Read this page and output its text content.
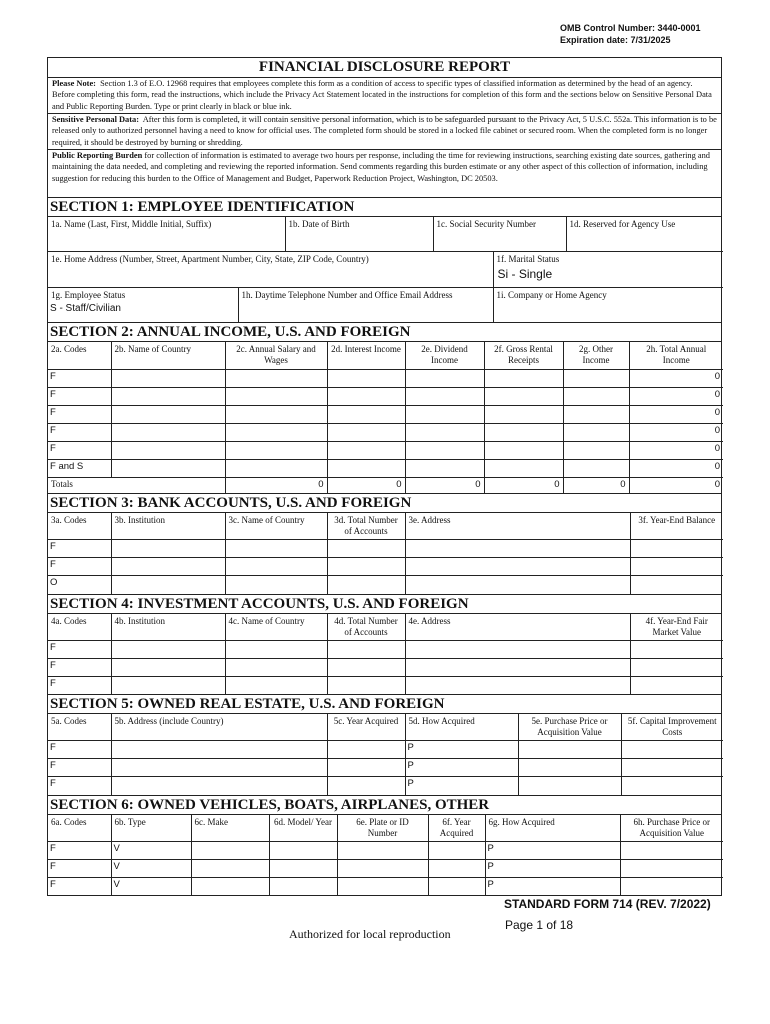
OMB Control Number: 3440-0001
Expiration date: 7/31/2025
FINANCIAL DISCLOSURE REPORT
Please Note: Section 1.3 of E.O. 12968 requires that employees complete this form as a condition of access to specific types of classified information as determined by the head of an agency. Before completing this form, read the instructions, which include the Privacy Act Statement located in the instructions for completion of this form and the sections below on Sensitive Personal Data and Public Reporting Burden. Type or print clearly in black or blue ink.
Sensitive Personal Data: After this form is completed, it will contain sensitive personal information, which is to be safeguarded pursuant to the Privacy Act, 5 U.S.C. 552a. This information is to be released only to authorized personnel having a need to know for official uses. The completed form should be stored in a locked file cabinet or secured room. When the completed form is no longer required, it should be destroyed by burning or shredding.
Public Reporting Burden for collection of information is estimated to average two hours per response, including the time for reviewing instructions, searching existing date sources, gathering and maintaining the data needed, and completing and reviewing the reported information. Send comments regarding this burden estimate or any other aspect of this collection of information, including suggestion for reducing this burden to the Office of Management and Budget, Paperwork Reduction Project, Washington, DC 20503.
SECTION 1: EMPLOYEE IDENTIFICATION
1a. Name (Last, First, Middle Initial, Suffix)	1b. Date of Birth	1c. Social Security Number	1d. Reserved for Agency Use
1e. Home Address (Number, Street, Apartment Number, City, State, ZIP Code, Country)	1f. Marital Status
Si - Single
1g. Employee Status
S - Staff/Civilian

1h. Daytime Telephone Number and Office Email Address	1i. Company or Home Agency
SECTION 2: ANNUAL INCOME, U.S. AND FOREIGN
2a. Codes	2b. Name of Country	2c. Annual Salary and Wages	2d. Interest Income	2e. Dividend Income	2f. Gross Rental Receipts	2g. Other Income	2h. Total Annual Income

F							0

F							0

F							0

F							0

F							0

F and S							0

Totals		0	0	0	0	0	0
SECTION 3: BANK ACCOUNTS, U.S. AND FOREIGN
3a. Codes	3b. Institution	3c. Name of Country	3d. Total Number of Accounts	3e. Address	3f. Year-End Balance

F					

F					

O					

SECTION 4: INVESTMENT ACCOUNTS, U.S. AND FOREIGN
4a. Codes	4b. Institution	4c. Name of Country	4d. Total Number of Accounts	4e. Address	4f. Year-End Fair Market Value

F					

F					

F					

SECTION 5: OWNED REAL ESTATE, U.S. AND FOREIGN
5a. Codes	5b. Address (include Country)	5c. Year Acquired	5d. How Acquired	5e. Purchase Price or Acquisition Value	5f. Capital Improvement Costs

F			P		

F			P		

F			P		

SECTION 6: OWNED VEHICLES, BOATS, AIRPLANES, OTHER
6a. Codes	6b. Type	6c. Make	6d. Model/ Year	6e. Plate or ID Number	6f. Year Acquired	6g. How Acquired	6h. Purchase Price or Acquisition Value

F	V					P	

F	V					P	

F	V					P	

STANDARD FORM 714 (REV. 7/2022)
Page 1 of 18
Authorized for local reproduction
